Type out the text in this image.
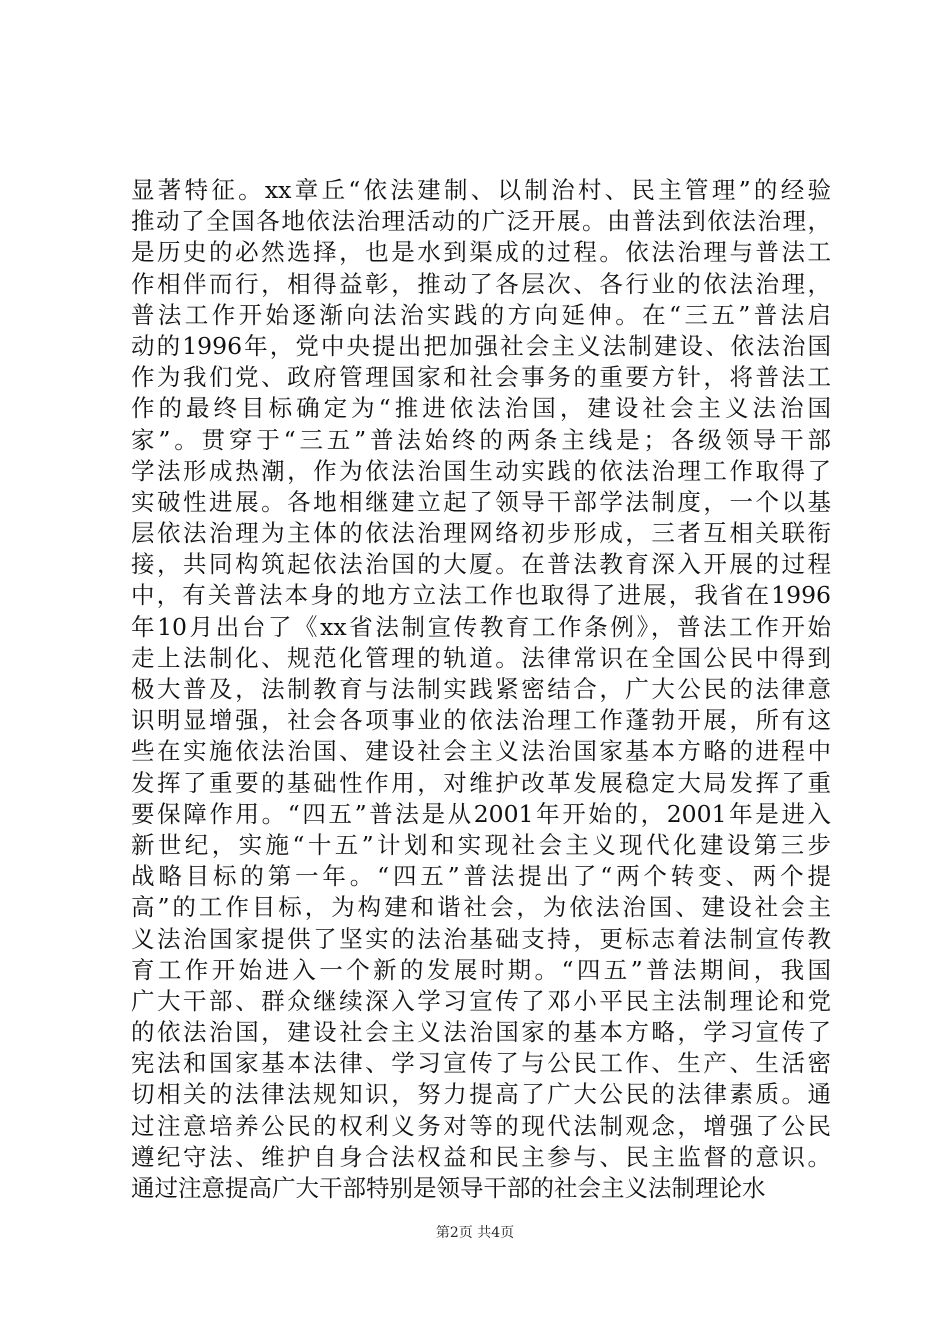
显著特征。xx章丘“依法建制、以制治村、民主管理”的经验
推动了全国各地依法治理活动的广泛开展。由普法到依法治理，
是历史的必然选择，也是水到渠成的过程。依法治理与普法工
作相伴而行，相得益彰，推动了各层次、各行业的依法治理，
普法工作开始逐渐向法治实践的方向延伸。在“三五”普法启
动的1996年，党中央提出把加强社会主义法制建设、依法治国
作为我们党、政府管理国家和社会事务的重要方针，将普法工
作的最终目标确定为“推进依法治国，建设社会主义法治国
家”。贯穿于“三五”普法始终的两条主线是；各级领导干部
学法形成热潮，作为依法治国生动实践的依法治理工作取得了
实破性进展。各地相继建立起了领导干部学法制度，一个以基
层依法治理为主体的依法治理网络初步形成，三者互相关联衔
接，共同构筑起依法治国的大厦。在普法教育深入开展的过程
中，有关普法本身的地方立法工作也取得了进展，我省在1996
年10月出台了《xx省法制宣传教育工作条例》，普法工作开始
走上法制化、规范化管理的轨道。法律常识在全国公民中得到
极大普及，法制教育与法制实践紧密结合，广大公民的法律意
识明显增强，社会各项事业的依法治理工作蓬勃开展，所有这
些在实施依法治国、建设社会主义法治国家基本方略的进程中
发挥了重要的基础性作用，对维护改革发展稳定大局发挥了重
要保障作用。“四五”普法是从2001年开始的，2001年是进入
新世纪，实施“十五”计划和实现社会主义现代化建设第三步
战略目标的第一年。“四五”普法提出了“两个转变、两个提
高”的工作目标，为构建和谐社会，为依法治国、建设社会主
义法治国家提供了坚实的法治基础支持，更标志着法制宣传教
育工作开始进入一个新的发展时期。“四五”普法期间，我国
广大干部、群众继续深入学习宣传了邓小平民主法制理论和党
的依法治国，建设社会主义法治国家的基本方略，学习宣传了
宪法和国家基本法律、学习宣传了与公民工作、生产、生活密
切相关的法律法规知识，努力提高了广大公民的法律素质。通
过注意培养公民的权利义务对等的现代法制观念，增强了公民
遵纪守法、维护自身合法权益和民主参与、民主监督的意识。
通过注意提高广大干部特别是领导干部的社会主义法制理论水
第2页 共4页
